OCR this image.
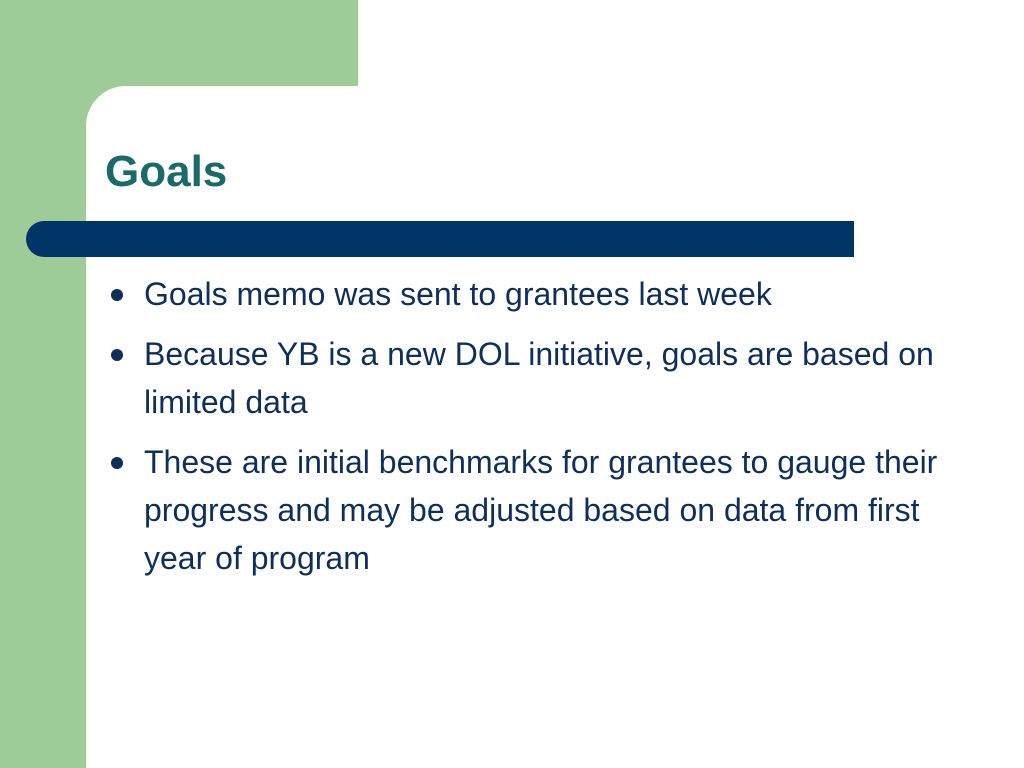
Goals
Goals memo was sent to grantees last week
Because YB is a new DOL initiative, goals are based on limited data
These are initial benchmarks for grantees to gauge their progress and may be adjusted based on data from first year of program
